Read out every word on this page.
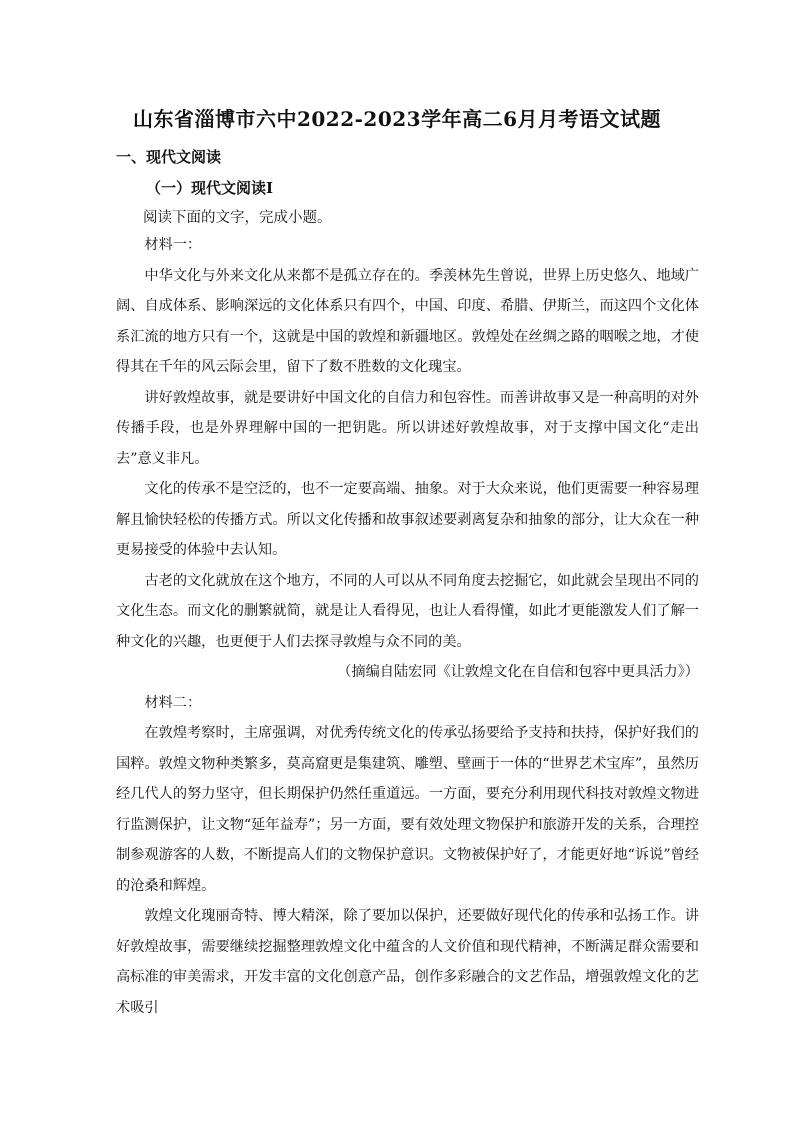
山东省淄博市六中2022-2023学年高二6月月考语文试题
一、现代文阅读
（一）现代文阅读Ⅰ
阅读下面的文字，完成小题。

材料一：

中华文化与外来文化从来都不是孤立存在的。季羡林先生曾说，世界上历史悠久、地域广阔、自成体系、影响深远的文化体系只有四个，中国、印度、希腊、伊斯兰，而这四个文化体系汇流的地方只有一个，这就是中国的敦煌和新疆地区。敦煌处在丝绸之路的咽喉之地，才使得其在千年的风云际会里，留下了数不胜数的文化瑰宝。

讲好敦煌故事，就是要讲好中国文化的自信力和包容性。而善讲故事又是一种高明的对外传播手段，也是外界理解中国的一把钥匙。所以讲述好敦煌故事，对于支撑中国文化“走出去”意义非凡。

文化的传承不是空泛的，也不一定要高端、抽象。对于大众来说，他们更需要一种容易理解且愉快轻松的传播方式。所以文化传播和故事叙述要剥离复杂和抽象的部分，让大众在一种更易接受的体验中去认知。

古老的文化就放在这个地方，不同的人可以从不同角度去挖掘它，如此就会呈现出不同的文化生态。而文化的删繁就简，就是让人看得见，也让人看得懂，如此才更能激发人们了解一种文化的兴趣，也更便于人们去探寻敦煌与众不同的美。

（摘编自陆宏同《让敦煌文化在自信和包容中更具活力》）

材料二：

在敦煌考察时，主席强调，对优秀传统文化的传承弘扬要给予支持和扶持，保护好我们的国粹。敦煌文物种类繁多，莫高窟更是集建筑、雕塑、壁画于一体的“世界艺术宝库”，虽然历经几代人的努力坚守，但长期保护仍然任重道远。一方面，要充分利用现代科技对敦煌文物进行监测保护，让文物“延年益寿”；另一方面，要有效处理文物保护和旅游开发的关系，合理控制参观游客的人数，不断提高人们的文物保护意识。文物被保护好了，才能更好地“诉说”曾经的沧桑和辉煌。

敦煌文化瑰丽奇特、博大精深，除了要加以保护，还要做好现代化的传承和弘扬工作。讲好敦煌故事，需要继续挖掘整理敦煌文化中蕴含的人文价值和现代精神，不断满足群众需要和高标准的审美需求，开发丰富的文化创意产品，创作多彩融合的文艺作品，增强敦煌文化的艺术吸引
